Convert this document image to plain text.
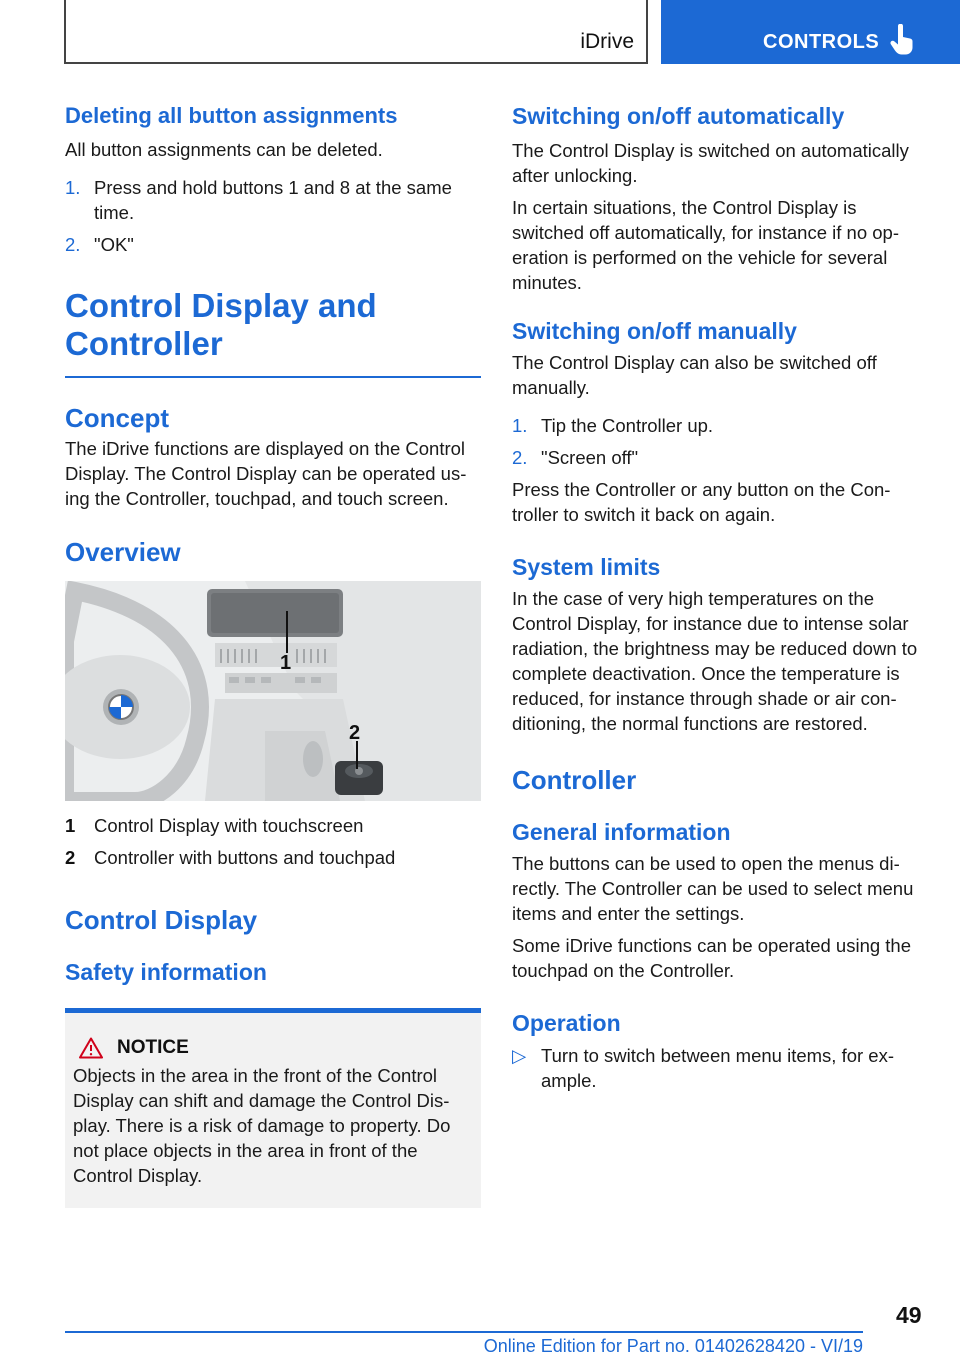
iDrive	CONTROLS
Deleting all button assignments

All button assignments can be deleted.

1. Press and hold buttons 1 and 8 at the same time.
2. "OK"
Control Display and
Controller
Concept

The iDrive functions are displayed on the Control Display. The Control Display can be operated using the Controller, touchpad, and touch screen.

Overview
1
2
1 Control Display with touchscreen
2 Controller with buttons and touchpad
Control Display
Safety information
NOTICE

Objects in the area in the front of the Control Display can shift and damage the Control Display. There is a risk of damage to property. Do not place objects in the area in front of the Control Display.

Switching on/off automatically

The Control Display is switched on automatically after unlocking.

In certain situations, the Control Display is switched off automatically, for instance if no operation is performed on the vehicle for several minutes.

Switching on/off manually

The Control Display can also be switched off manually.

1. Tip the Controller up.
2. "Screen off"

Press the Controller or any button on the Controller to switch it back on again.

System limits

In the case of very high temperatures on the Control Display, for instance due to intense solar radiation, the brightness may be reduced down to complete deactivation. Once the temperature is reduced, for instance through shade or air conditioning, the normal functions are restored.

Controller
General information

The buttons can be used to open the menus directly. The Controller can be used to select menu items and enter the settings.

Some iDrive functions can be operated using the touchpad on the Controller.

Operation
▷ Turn to switch between menu items, for example.
49
Online Edition for Part no. 01402628420 - VI/19
